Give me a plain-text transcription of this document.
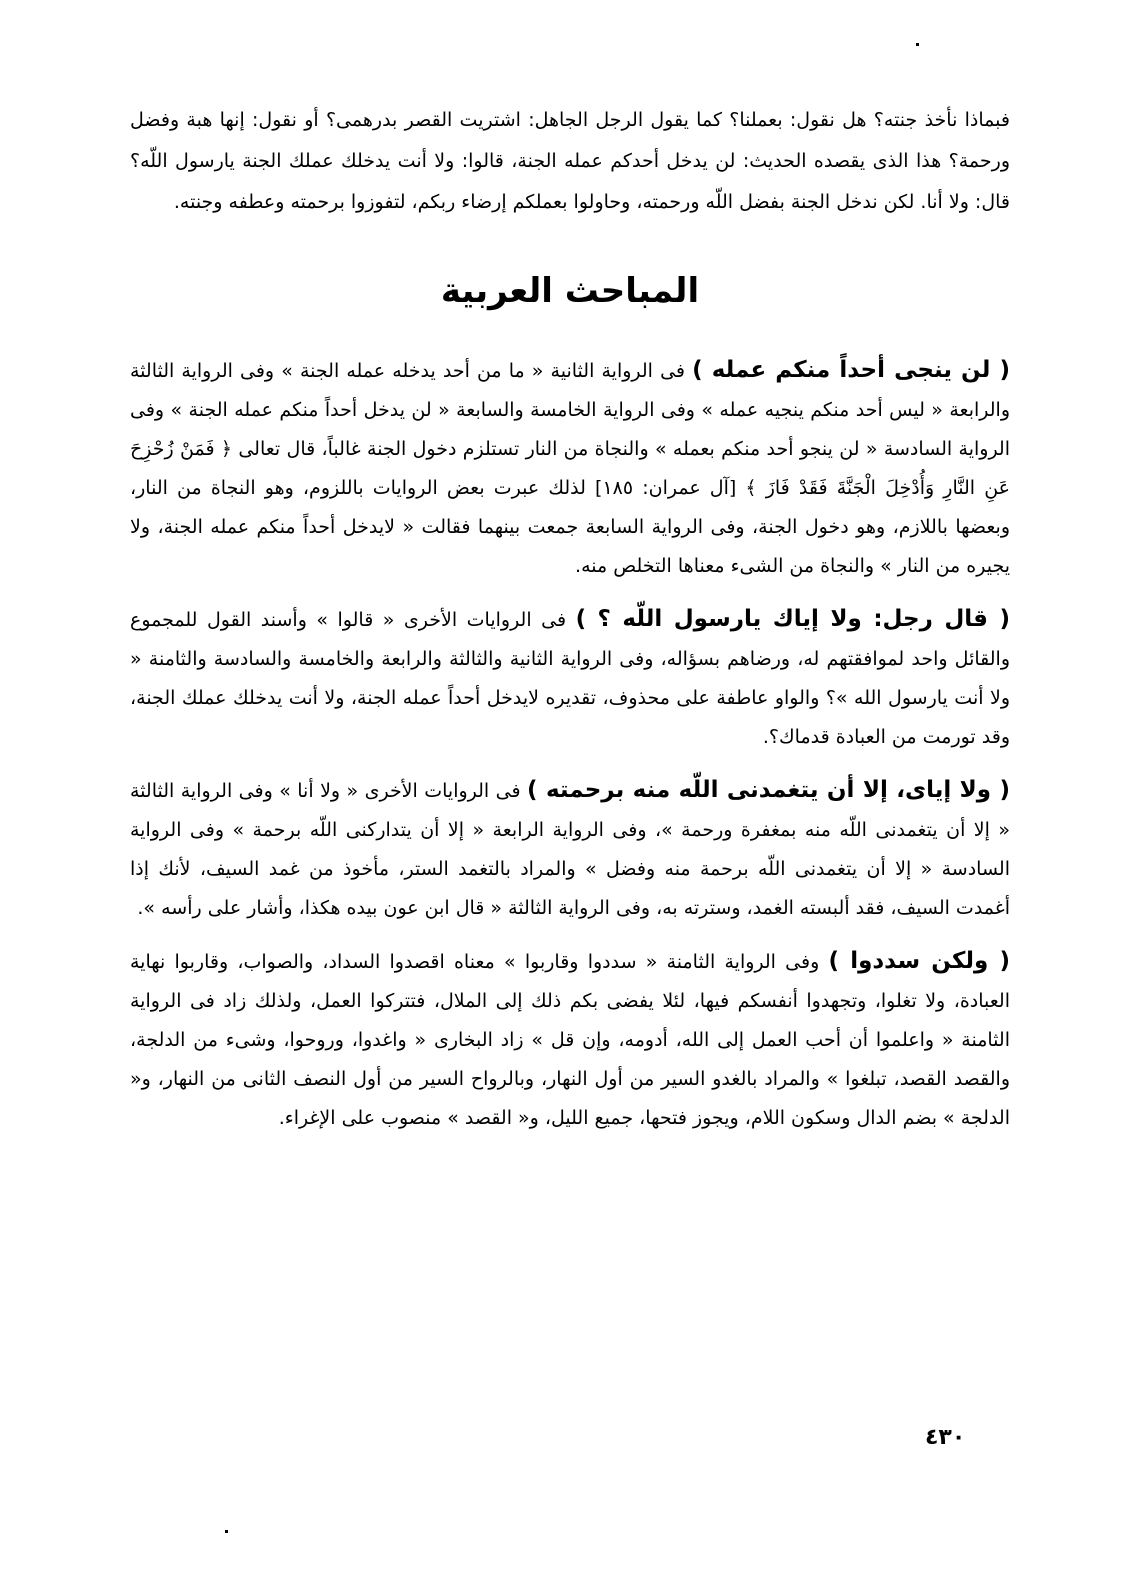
فبماذا نأخذ جنته؟ هل نقول: بعملنا؟ كما يقول الرجل الجاهل: اشتريت القصر بدرهمى؟ أو نقول: إنها هبة وفضل ورحمة؟ هذا الذى يقصده الحديث: لن يدخل أحدكم عمله الجنة، قالوا: ولا أنت يدخلك عملك الجنة يارسول اللّه؟ قال: ولا أنا. لكن ندخل الجنة بفضل اللّه ورحمته، وحاولوا بعملكم إرضاء ربكم، لتفوزوا برحمته وعطفه وجنته.

المباحث العربية

( لن ينجى أحداً منكم عمله ) فى الرواية الثانية « ما من أحد يدخله عمله الجنة » وفى الرواية الثالثة والرابعة « ليس أحد منكم ينجيه عمله » وفى الرواية الخامسة والسابعة « لن يدخل أحداً منكم عمله الجنة » وفى الرواية السادسة « لن ينجو أحد منكم بعمله » والنجاة من النار تستلزم دخول الجنة غالباً، قال تعالى ﴿ فَمَنْ زُحْزِحَ عَنِ النَّارِ وَأُدْخِلَ الْجَنَّةَ فَقَدْ فَازَ ﴾ [آل عمران: ١٨٥] لذلك عبرت بعض الروايات باللزوم، وهو النجاة من النار، وبعضها باللازم، وهو دخول الجنة، وفى الرواية السابعة جمعت بينهما فقالت « لايدخل أحداً منكم عمله الجنة، ولا يجيره من النار » والنجاة من الشىء معناها التخلص منه.

( قال رجل: ولا إياك يارسول اللّه ؟ ) فى الروايات الأخرى « قالوا » وأسند القول للمجموع والقائل واحد لموافقتهم له، ورضاهم بسؤاله، وفى الرواية الثانية والثالثة والرابعة والخامسة والسادسة والثامنة « ولا أنت يارسول الله »؟ والواو عاطفة على محذوف، تقديره لايدخل أحداً عمله الجنة، ولا أنت يدخلك عملك الجنة، وقد تورمت من العبادة قدماك؟.

( ولا إياى، إلا أن يتغمدنى اللّه منه برحمته ) فى الروايات الأخرى « ولا أنا » وفى الرواية الثالثة « إلا أن يتغمدنى اللّه منه بمغفرة ورحمة »، وفى الرواية الرابعة « إلا أن يتداركنى اللّه برحمة » وفى الرواية السادسة « إلا أن يتغمدنى اللّه برحمة منه وفضل » والمراد بالتغمد الستر، مأخوذ من غمد السيف، لأنك إذا أغمدت السيف، فقد ألبسته الغمد، وسترته به، وفى الرواية الثالثة « قال ابن عون بيده هكذا، وأشار على رأسه ».

( ولكن سددوا ) وفى الرواية الثامنة « سددوا وقاربوا » معناه اقصدوا السداد، والصواب، وقاربوا نهاية العبادة، ولا تغلوا، وتجهدوا أنفسكم فيها، لئلا يفضى بكم ذلك إلى الملال، فتتركوا العمل، ولذلك زاد فى الرواية الثامنة « واعلموا أن أحب العمل إلى الله، أدومه، وإن قل » زاد البخارى « واغدوا، وروحوا، وشىء من الدلجة، والقصد القصد، تبلغوا » والمراد بالغدو السير من أول النهار، وبالرواح السير من أول النصف الثانى من النهار، و« الدلجة » بضم الدال وسكون اللام، ويجوز فتحها، جميع الليل، و« القصد » منصوب على الإغراء.

٤٣٠
